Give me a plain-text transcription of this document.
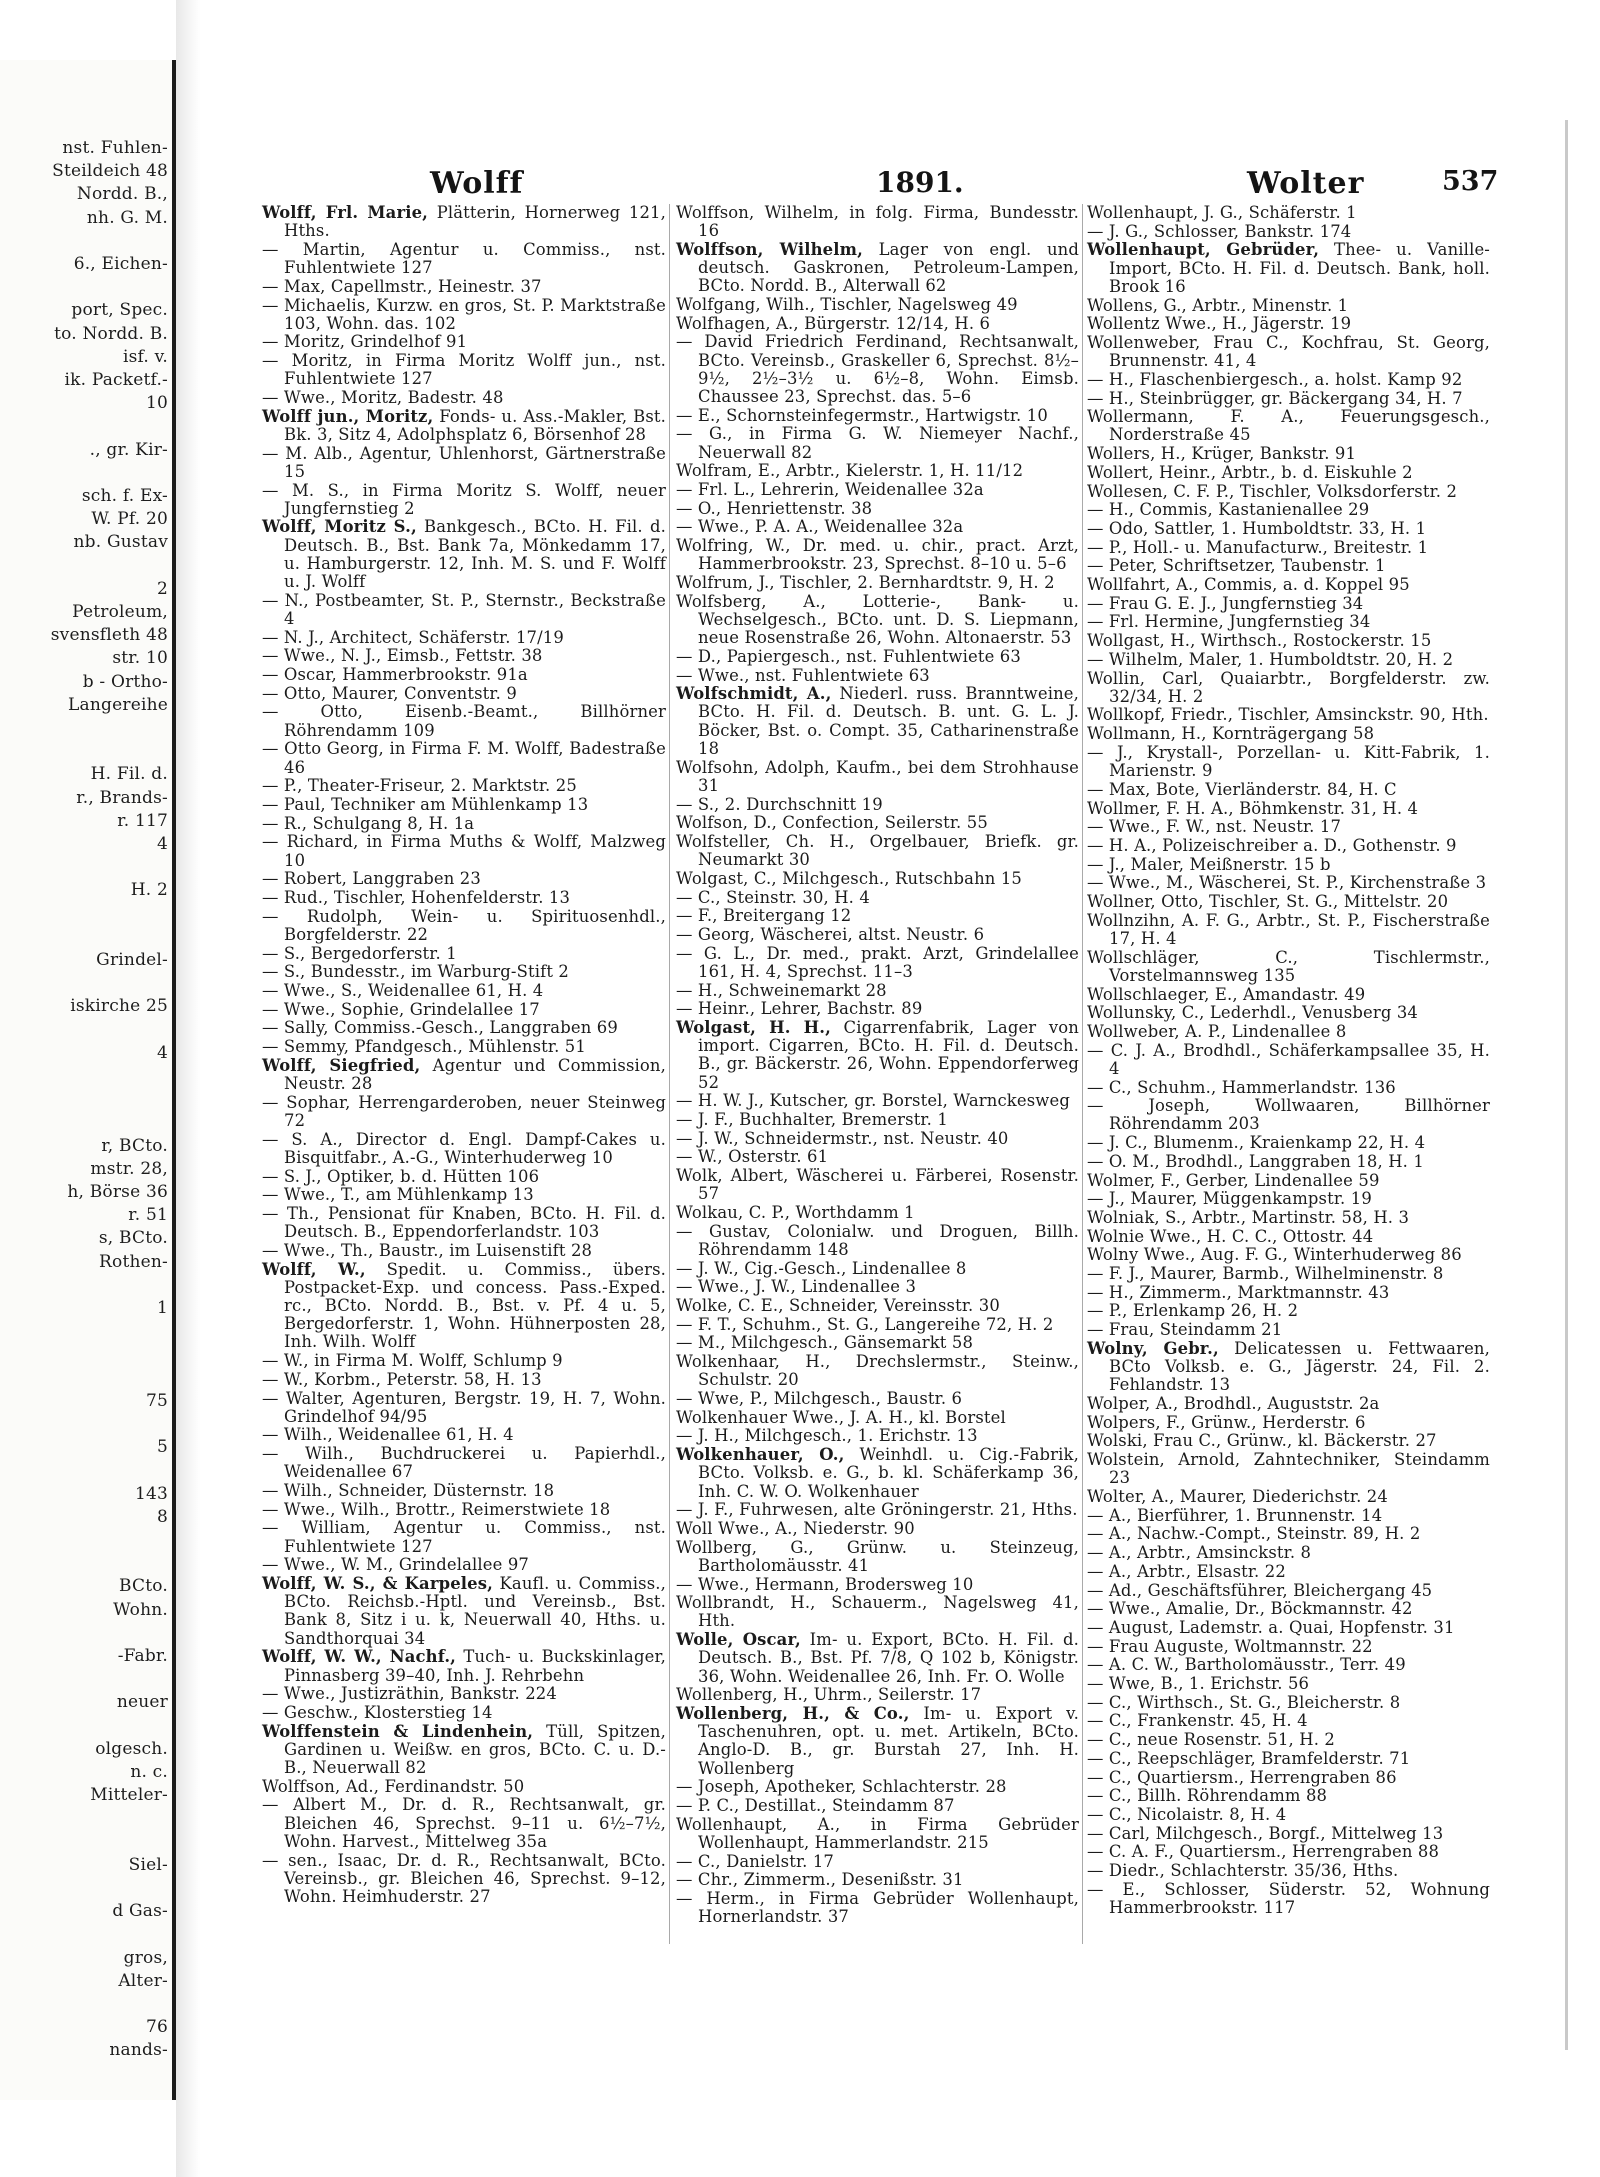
nst. Fuhlen-
Steildeich 48
Nordd. B.,
nh. G. M.
6., Eichen-
port, Spec.
to. Nordd. B.
isf. v.
ik. Packetf.-
10
., gr. Kir-
sch. f. Ex-
W. Pf. 20
nb. Gustav
2
Petroleum,
svensfleth 48
str. 10
b - Ortho-
Langereihe
H. Fil. d.
r., Brands-
r. 117
4
H. 2
Grindel-
iskirche 25
4
r, BCto.
mstr. 28,
h, Börse 36
r. 51
s, BCto.
Rothen-
1
75
5
143
8
BCto.
Wohn.
-Fabr.
neuer
olgesch.
n. c.
Mitteler-
Siel-
d Gas-
gros,
Alter-
76
nands-
Wolff	1891.	Wolter	537
Wolff, Frl. Marie, Plätterin, Hornerweg 121, Hths.
— Martin, Agentur u. Commiss., nst. Fuhlentwiete 127
— Max, Capellmstr., Heinestr. 37
— Michaelis, Kurzw. en gros, St. P. Marktstraße 103, Wohn. das. 102
— Moritz, Grindelhof 91
— Moritz, in Firma Moritz Wolff jun., nst. Fuhlentwiete 127
— Wwe., Moritz, Badestr. 48
Wolff jun., Moritz, Fonds- u. Ass.-Makler, Bst. Bk. 3, Sitz 4, Adolphsplatz 6, Börsenhof 28
— M. Alb., Agentur, Uhlenhorst, Gärtnerstraße 15
— M. S., in Firma Moritz S. Wolff, neuer Jungfernstieg 2
Wolff, Moritz S., Bankgesch., BCto. H. Fil. d. Deutsch. B., Bst. Bank 7a, Mönkedamm 17, u. Hamburgerstr. 12, Inh. M. S. und F. Wolff u. J. Wolff
— N., Postbeamter, St. P., Sternstr., Beckstraße 4
— N. J., Architect, Schäferstr. 17/19
— Wwe., N. J., Eimsb., Fettstr. 38
— Oscar, Hammerbrookstr. 91a
— Otto, Maurer, Conventstr. 9
— Otto, Eisenb.-Beamt., Billhörner Röhrendamm 109
— Otto Georg, in Firma F. M. Wolff, Badestraße 46
— P., Theater-Friseur, 2. Marktstr. 25
— Paul, Techniker am Mühlenkamp 13
— R., Schulgang 8, H. 1a
— Richard, in Firma Muths & Wolff, Malzweg 10
— Robert, Langgraben 23
— Rud., Tischler, Hohenfelderstr. 13
— Rudolph, Wein- u. Spirituosenhdl., Borgfelderstr. 22
— S., Bergedorferstr. 1
— S., Bundesstr., im Warburg-Stift 2
— Wwe., S., Weidenallee 61, H. 4
— Wwe., Sophie, Grindelallee 17
— Sally, Commiss.-Gesch., Langgraben 69
— Semmy, Pfandgesch., Mühlenstr. 51
Wolff, Siegfried, Agentur und Commission, Neustr. 28
— Sophar, Herrengarderoben, neuer Steinweg 72
— S. A., Director d. Engl. Dampf-Cakes u. Bisquitfabr., A.-G., Winterhuderweg 10
— S. J., Optiker, b. d. Hütten 106
— Wwe., T., am Mühlenkamp 13
— Th., Pensionat für Knaben, BCto. H. Fil. d. Deutsch. B., Eppendorferlandstr. 103
— Wwe., Th., Baustr., im Luisenstift 28
Wolff, W., Spedit. u. Commiss., übers. Postpacket-Exp. und concess. Pass.-Exped. rc., BCto. Nordd. B., Bst. v. Pf. 4 u. 5, Bergedorferstr. 1, Wohn. Hühnerposten 28, Inh. Wilh. Wolff
— W., in Firma M. Wolff, Schlump 9
— W., Korbm., Peterstr. 58, H. 13
— Walter, Agenturen, Bergstr. 19, H. 7, Wohn. Grindelhof 94/95
— Wilh., Weidenallee 61, H. 4
— Wilh., Buchdruckerei u. Papierhdl., Weidenallee 67
— Wilh., Schneider, Düsternstr. 18
— Wwe., Wilh., Brottr., Reimerstwiete 18
— William, Agentur u. Commiss., nst. Fuhlentwiete 127
— Wwe., W. M., Grindelallee 97
Wolff, W. S., & Karpeles, Kaufl. u. Commiss., BCto. Reichsb.-Hptl. und Vereinsb., Bst. Bank 8, Sitz i u. k, Neuerwall 40, Hths. u. Sandthorquai 34
Wolff, W. W., Nachf., Tuch- u. Buckskinlager, Pinnasberg 39–40, Inh. J. Rehrbehn
— Wwe., Justizräthin, Bankstr. 224
— Geschw., Klosterstieg 14
Wolffenstein & Lindenhein, Tüll, Spitzen, Gardinen u. Weißw. en gros, BCto. C. u. D.-B., Neuerwall 82
Wolffson, Ad., Ferdinandstr. 50
— Albert M., Dr. d. R., Rechtsanwalt, gr. Bleichen 46, Sprechst. 9–11 u. 6½–7½, Wohn. Harvest., Mittelweg 35a
— sen., Isaac, Dr. d. R., Rechtsanwalt, BCto. Vereinsb., gr. Bleichen 46, Sprechst. 9–12, Wohn. Heimhuderstr. 27
Wolffson, Wilhelm, in folg. Firma, Bundesstr. 16
Wolffson, Wilhelm, Lager von engl. und deutsch. Gaskronen, Petroleum-Lampen, BCto. Nordd. B., Alterwall 62
Wolfgang, Wilh., Tischler, Nagelsweg 49
Wolfhagen, A., Bürgerstr. 12/14, H. 6
— David Friedrich Ferdinand, Rechtsanwalt, BCto. Vereinsb., Graskeller 6, Sprechst. 8½–9½, 2½–3½ u. 6½–8, Wohn. Eimsb. Chaussee 23, Sprechst. das. 5–6
— E., Schornsteinfegermstr., Hartwigstr. 10
— G., in Firma G. W. Niemeyer Nachf., Neuerwall 82
Wolfram, E., Arbtr., Kielerstr. 1, H. 11/12
— Frl. L., Lehrerin, Weidenallee 32a
— O., Henriettenstr. 38
— Wwe., P. A. A., Weidenallee 32a
Wolfring, W., Dr. med. u. chir., pract. Arzt, Hammerbrookstr. 23, Sprechst. 8–10 u. 5–6
Wolfrum, J., Tischler, 2. Bernhardtstr. 9, H. 2
Wolfsberg, A., Lotterie-, Bank- u. Wechselgesch., BCto. unt. D. S. Liepmann, neue Rosenstraße 26, Wohn. Altonaerstr. 53
— D., Papiergesch., nst. Fuhlentwiete 63
— Wwe., nst. Fuhlentwiete 63
Wolfschmidt, A., Niederl. russ. Branntweine, BCto. H. Fil. d. Deutsch. B. unt. G. L. J. Böcker, Bst. o. Compt. 35, Catharinenstraße 18
Wolfsohn, Adolph, Kaufm., bei dem Strohhause 31
— S., 2. Durchschnitt 19
Wolfson, D., Confection, Seilerstr. 55
Wolfsteller, Ch. H., Orgelbauer, Briefk. gr. Neumarkt 30
Wolgast, C., Milchgesch., Rutschbahn 15
— C., Steinstr. 30, H. 4
— F., Breitergang 12
— Georg, Wäscherei, altst. Neustr. 6
— G. L., Dr. med., prakt. Arzt, Grindelallee 161, H. 4, Sprechst. 11–3
— H., Schweinemarkt 28
— Heinr., Lehrer, Bachstr. 89
Wolgast, H. H., Cigarrenfabrik, Lager von import. Cigarren, BCto. H. Fil. d. Deutsch. B., gr. Bäckerstr. 26, Wohn. Eppendorferweg 52
— H. W. J., Kutscher, gr. Borstel, Warnckesweg
— J. F., Buchhalter, Bremerstr. 1
— J. W., Schneidermstr., nst. Neustr. 40
— W., Osterstr. 61
Wolk, Albert, Wäscherei u. Färberei, Rosenstr. 57
Wolkau, C. P., Worthdamm 1
— Gustav, Colonialw. und Droguen, Billh. Röhrendamm 148
— J. W., Cig.-Gesch., Lindenallee 8
— Wwe., J. W., Lindenallee 3
Wolke, C. E., Schneider, Vereinsstr. 30
— F. T., Schuhm., St. G., Langereihe 72, H. 2
— M., Milchgesch., Gänsemarkt 58
Wolkenhaar, H., Drechslermstr., Steinw., Schulstr. 20
— Wwe, P., Milchgesch., Baustr. 6
Wolkenhauer Wwe., J. A. H., kl. Borstel
— J. H., Milchgesch., 1. Erichstr. 13
Wolkenhauer, O., Weinhdl. u. Cig.-Fabrik, BCto. Volksb. e. G., b. kl. Schäferkamp 36, Inh. C. W. O. Wolkenhauer
— J. F., Fuhrwesen, alte Gröningerstr. 21, Hths.
Woll Wwe., A., Niederstr. 90
Wollberg, G., Grünw. u. Steinzeug, Bartholomäusstr. 41
— Wwe., Hermann, Brodersweg 10
Wollbrandt, H., Schauerm., Nagelsweg 41, Hth.
Wolle, Oscar, Im- u. Export, BCto. H. Fil. d. Deutsch. B., Bst. Pf. 7/8, Q 102 b, Königstr. 36, Wohn. Weidenallee 26, Inh. Fr. O. Wolle
Wollenberg, H., Uhrm., Seilerstr. 17
Wollenberg, H., & Co., Im- u. Export v. Taschenuhren, opt. u. met. Artikeln, BCto. Anglo-D. B., gr. Burstah 27, Inh. H. Wollenberg
— Joseph, Apotheker, Schlachterstr. 28
— P. C., Destillat., Steindamm 87
Wollenhaupt, A., in Firma Gebrüder Wollenhaupt, Hammerlandstr. 215
— C., Danielstr. 17
— Chr., Zimmerm., Desenißstr. 31
— Herm., in Firma Gebrüder Wollenhaupt, Hornerlandstr. 37
Wollenhaupt, J. G., Schäferstr. 1
— J. G., Schlosser, Bankstr. 174
Wollenhaupt, Gebrüder, Thee- u. Vanille-Import, BCto. H. Fil. d. Deutsch. Bank, holl. Brook 16
Wollens, G., Arbtr., Minenstr. 1
Wollentz Wwe., H., Jägerstr. 19
Wollenweber, Frau C., Kochfrau, St. Georg, Brunnenstr. 41, 4
— H., Flaschenbiergesch., a. holst. Kamp 92
— H., Steinbrügger, gr. Bäckergang 34, H. 7
Wollermann, F. A., Feuerungsgesch., Norderstraße 45
Wollers, H., Krüger, Bankstr. 91
Wollert, Heinr., Arbtr., b. d. Eiskuhle 2
Wollesen, C. F. P., Tischler, Volksdorferstr. 2
— H., Commis, Kastanienallee 29
— Odo, Sattler, 1. Humboldtstr. 33, H. 1
— P., Holl.- u. Manufacturw., Breitestr. 1
— Peter, Schriftsetzer, Taubenstr. 1
Wollfahrt, A., Commis, a. d. Koppel 95
— Frau G. E. J., Jungfernstieg 34
— Frl. Hermine, Jungfernstieg 34
Wollgast, H., Wirthsch., Rostockerstr. 15
— Wilhelm, Maler, 1. Humboldtstr. 20, H. 2
Wollin, Carl, Quaiarbtr., Borgfelderstr. zw. 32/34, H. 2
Wollkopf, Friedr., Tischler, Amsinckstr. 90, Hth.
Wollmann, H., Kornträgergang 58
— J., Krystall-, Porzellan- u. Kitt-Fabrik, 1. Marienstr. 9
— Max, Bote, Vierländerstr. 84, H. C
Wollmer, F. H. A., Böhmkenstr. 31, H. 4
— Wwe., F. W., nst. Neustr. 17
— H. A., Polizeischreiber a. D., Gothenstr. 9
— J., Maler, Meißnerstr. 15 b
— Wwe., M., Wäscherei, St. P., Kirchenstraße 3
Wollner, Otto, Tischler, St. G., Mittelstr. 20
Wollnzihn, A. F. G., Arbtr., St. P., Fischerstraße 17, H. 4
Wollschläger, C., Tischlermstr., Vorstelmannsweg 135
Wollschlaeger, E., Amandastr. 49
Wollunsky, C., Lederhdl., Venusberg 34
Wollweber, A. P., Lindenallee 8
— C. J. A., Brodhdl., Schäferkampsallee 35, H. 4
— C., Schuhm., Hammerlandstr. 136
— Joseph, Wollwaaren, Billhörner Röhrendamm 203
— J. C., Blumenm., Kraienkamp 22, H. 4
— O. M., Brodhdl., Langgraben 18, H. 1
Wolmer, F., Gerber, Lindenallee 59
— J., Maurer, Müggenkampstr. 19
Wolniak, S., Arbtr., Martinstr. 58, H. 3
Wolnie Wwe., H. C. C., Ottostr. 44
Wolny Wwe., Aug. F. G., Winterhuderweg 86
— F. J., Maurer, Barmb., Wilhelminenstr. 8
— H., Zimmerm., Marktmannstr. 43
— P., Erlenkamp 26, H. 2
— Frau, Steindamm 21
Wolny, Gebr., Delicatessen u. Fettwaaren, BCto Volksb. e. G., Jägerstr. 24, Fil. 2. Fehlandstr. 13
Wolper, A., Brodhdl., Auguststr. 2a
Wolpers, F., Grünw., Herderstr. 6
Wolski, Frau C., Grünw., kl. Bäckerstr. 27
Wolstein, Arnold, Zahntechniker, Steindamm 23
Wolter, A., Maurer, Diederichstr. 24
— A., Bierführer, 1. Brunnenstr. 14
— A., Nachw.-Compt., Steinstr. 89, H. 2
— A., Arbtr., Amsinckstr. 8
— A., Arbtr., Elsastr. 22
— Ad., Geschäftsführer, Bleichergang 45
— Wwe., Amalie, Dr., Böckmannstr. 42
— August, Lademstr. a. Quai, Hopfenstr. 31
— Frau Auguste, Woltmannstr. 22
— A. C. W., Bartholomäusstr., Terr. 49
— Wwe, B., 1. Erichstr. 56
— C., Wirthsch., St. G., Bleicherstr. 8
— C., Frankenstr. 45, H. 4
— C., neue Rosenstr. 51, H. 2
— C., Reepschläger, Bramfelderstr. 71
— C., Quartiersm., Herrengraben 86
— C., Billh. Röhrendamm 88
— C., Nicolaistr. 8, H. 4
— Carl, Milchgesch., Borgf., Mittelweg 13
— C. A. F., Quartiersm., Herrengraben 88
— Diedr., Schlachterstr. 35/36, Hths.
— E., Schlosser, Süderstr. 52, Wohnung Hammerbrookstr. 117
